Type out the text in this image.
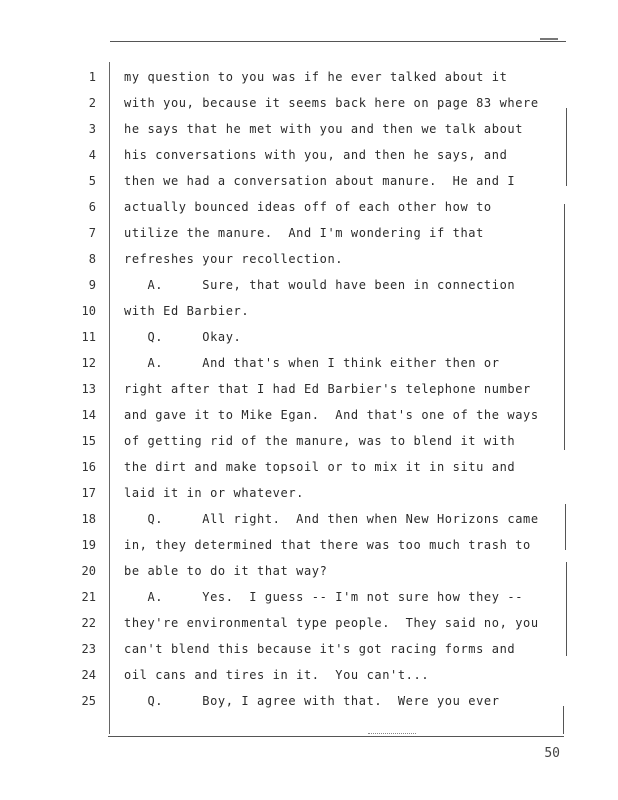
1 my question to you was if he ever talked about it
2 with you, because it seems back here on page 83 where
3 he says that he met with you and then we talk about
4 his conversations with you, and then he says, and
5 then we had a conversation about manure.  He and I
6 actually bounced ideas off of each other how to
7 utilize the manure.  And I'm wondering if that
8 refreshes your recollection.
9 A.     Sure, that would have been in connection
10 with Ed Barbier.
11 Q.     Okay.
12 A.     And that's when I think either then or
13 right after that I had Ed Barbier's telephone number
14 and gave it to Mike Egan.  And that's one of the ways
15 of getting rid of the manure, was to blend it with
16 the dirt and make topsoil or to mix it in situ and
17 laid it in or whatever.
18 Q.     All right.  And then when New Horizons came
19 in, they determined that there was too much trash to
20 be able to do it that way?
21 A.     Yes.  I guess -- I'm not sure how they --
22 they're environmental type people.  They said no, you
23 can't blend this because it's got racing forms and
24 oil cans and tires in it.  You can't...
25 Q.     Boy, I agree with that.  Were you ever
50
